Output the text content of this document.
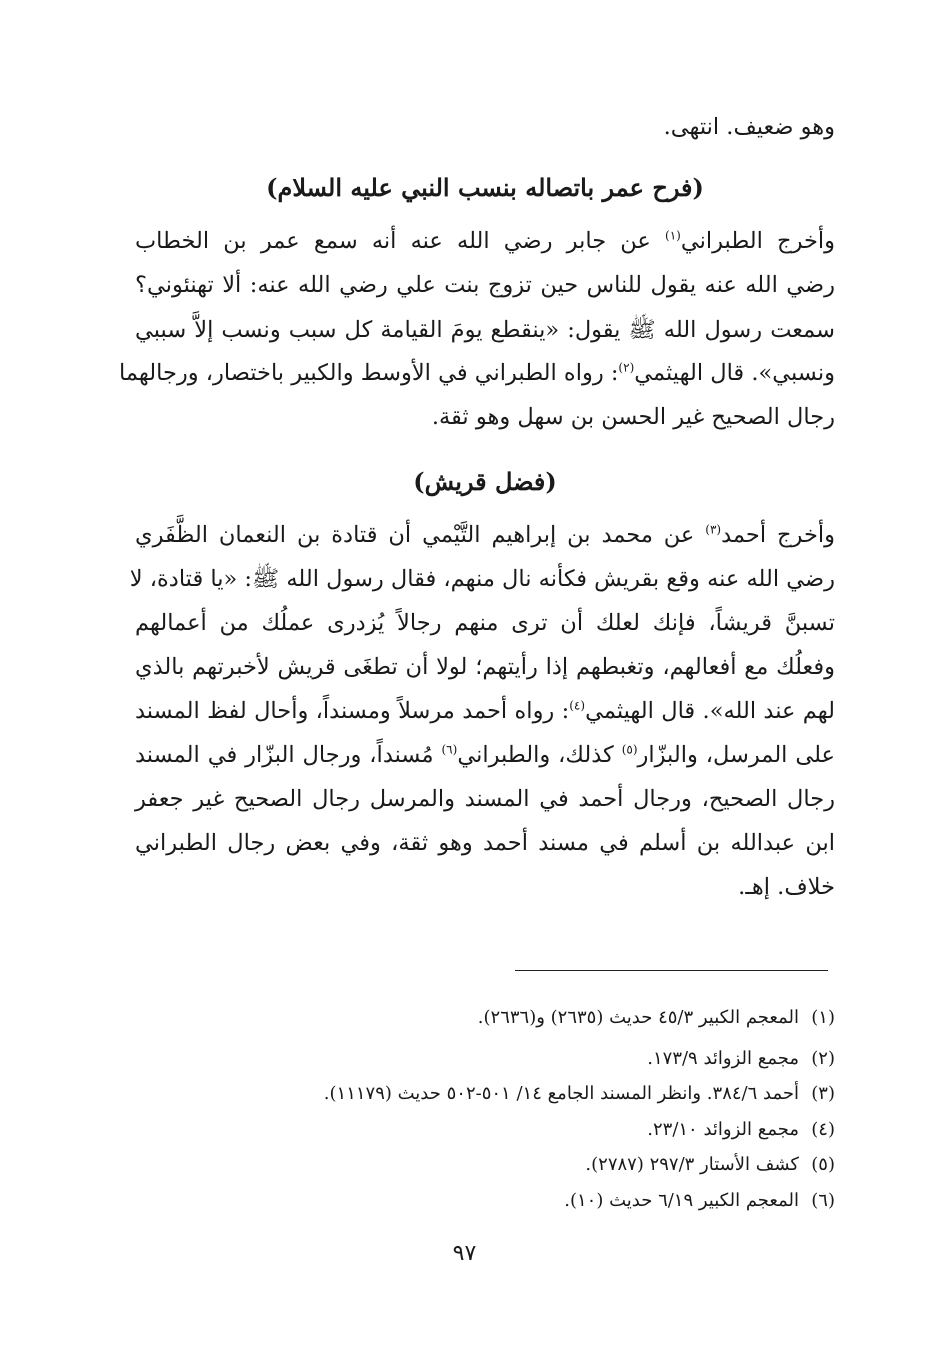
وهو ضعيف. انتهى.
(فرح عمر باتصاله بنسب النبي عليه السلام)
وأخرج الطبراني$^{(١)}$ عن جابر رضي الله عنه أنه سمع عمر بن الخطاب
رضي الله عنه يقول للناس حين تزوج بنت علي رضي الله عنه: ألا تهنئوني؟
سمعت رسول الله ﷺ يقول: «ينقطع يومَ القيامة كل سبب ونسب إلاَّ سببي
ونسبي». قال الهيثمي$^{(٢)}$: رواه الطبراني في الأوسط والكبير باختصار، ورجالهما
رجال الصحيح غير الحسن بن سهل وهو ثقة.
(فضل قريش)
وأخرج أحمد$^{(٣)}$ عن محمد بن إبراهيم التَّيْمي أن قتادة بن النعمان الظَّفَري
رضي الله عنه وقع بقريش فكأنه نال منهم، فقال رسول الله ﷺ: «يا قتادة، لا
تسبنَّ قريشاً، فإنك لعلك أن ترى منهم رجالاً يُزدرى عملُك من أعمالهم
وفعلُك مع أفعالهم، وتغبطهم إذا رأيتهم؛ لولا أن تطغَى قريش لأخبرتهم بالذي
لهم عند الله». قال الهيثمي$^{(٤)}$: رواه أحمد مرسلاً ومسنداً، وأحال لفظ المسند
على المرسل، والبزّار$^{(٥)}$ كذلك، والطبراني$^{(٦)}$ مُسنداً، ورجال البزّار في المسند
رجال الصحيح، ورجال أحمد في المسند والمرسل رجال الصحيح غير جعفر
ابن عبدالله بن أسلم في مسند أحمد وهو ثقة، وفي بعض رجال الطبراني
خلاف. إهـ.
(١)المعجم الكبير ٤٥/٣ حديث (٢٦٣٥) و(٢٦٣٦).
(٢)مجمع الزوائد ١٧٣/٩.
(٣)أحمد ٣٨٤/٦. وانظر المسند الجامع ١٤/ ٥٠١-٥٠٢ حديث (١١١٧٩).
(٤)مجمع الزوائد ٢٣/١٠.
(٥)كشف الأستار ٢٩٧/٣ (٢٧٨٧).
(٦)المعجم الكبير ٦/١٩ حديث (١٠).
٩٧
